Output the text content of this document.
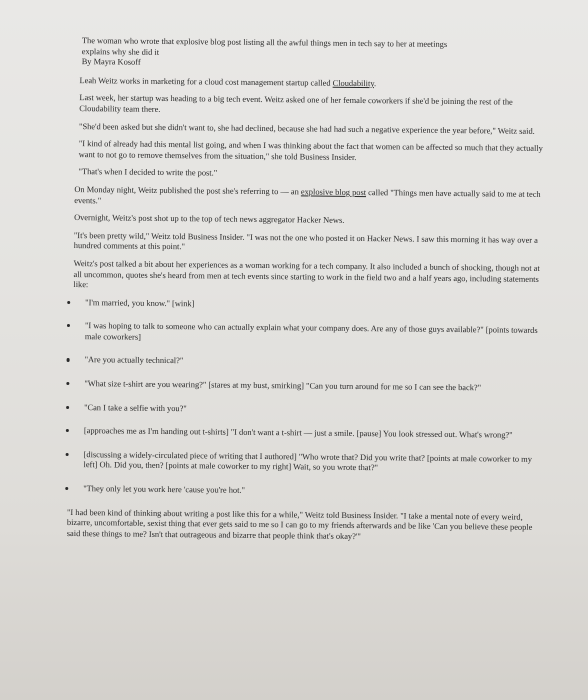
The woman who wrote that explosive blog post listing all the awful things men in tech say to her at meetings
explains why she did it

By Mayra Kosoff

Leah Weitz works in marketing for a cloud cost management startup called Cloudability.

Last week, her startup was heading to a big tech event. Weitz asked one of her female coworkers if she'd be joining the rest of the Cloudability team there.

"She'd been asked but she didn't want to, she had declined, because she had had such a negative experience the year before," Weitz said.

"I kind of already had this mental list going, and when I was thinking about the fact that women can be affected so much that they actually want to not go to remove themselves from the situation," she told Business Insider.

"That's when I decided to write the post."

On Monday night, Weitz published the post she's referring to — an explosive blog post called "Things men have actually said to me at tech events."

Overnight, Weitz's post shot up to the top of tech news aggregator Hacker News.

"It's been pretty wild," Weitz told Business Insider. "I was not the one who posted it on Hacker News. I saw this morning it has way over a hundred comments at this point."

Weitz's post talked a bit about her experiences as a woman working for a tech company. It also included a bunch of shocking, though not at all uncommon, quotes she's heard from men at tech events since starting to work in the field two and a half years ago, including statements like:

"I'm married, you know." [wink]
"I was hoping to talk to someone who can actually explain what your company does. Are any of those guys available?" [points towards male coworkers]
"Are you actually technical?"
"What size t-shirt are you wearing?" [stares at my bust, smirking] "Can you turn around for me so I can see the back?"
"Can I take a selfie with you?"
[approaches me as I'm handing out t-shirts] "I don't want a t-shirt — just a smile. [pause] You look stressed out. What's wrong?"
[discussing a widely-circulated piece of writing that I authored] "Who wrote that? Did you write that? [points at male coworker to my left] Oh. Did you, then? [points at male coworker to my right] Wait, so you wrote that?"
"They only let you work here 'cause you're hot."

"I had been kind of thinking about writing a post like this for a while," Weitz told Business Insider. "I take a mental note of every weird, bizarre, uncomfortable, sexist thing that ever gets said to me so I can go to my friends afterwards and be like 'Can you believe these people said these things to me? Isn't that outrageous and bizarre that people think that's okay?'"
